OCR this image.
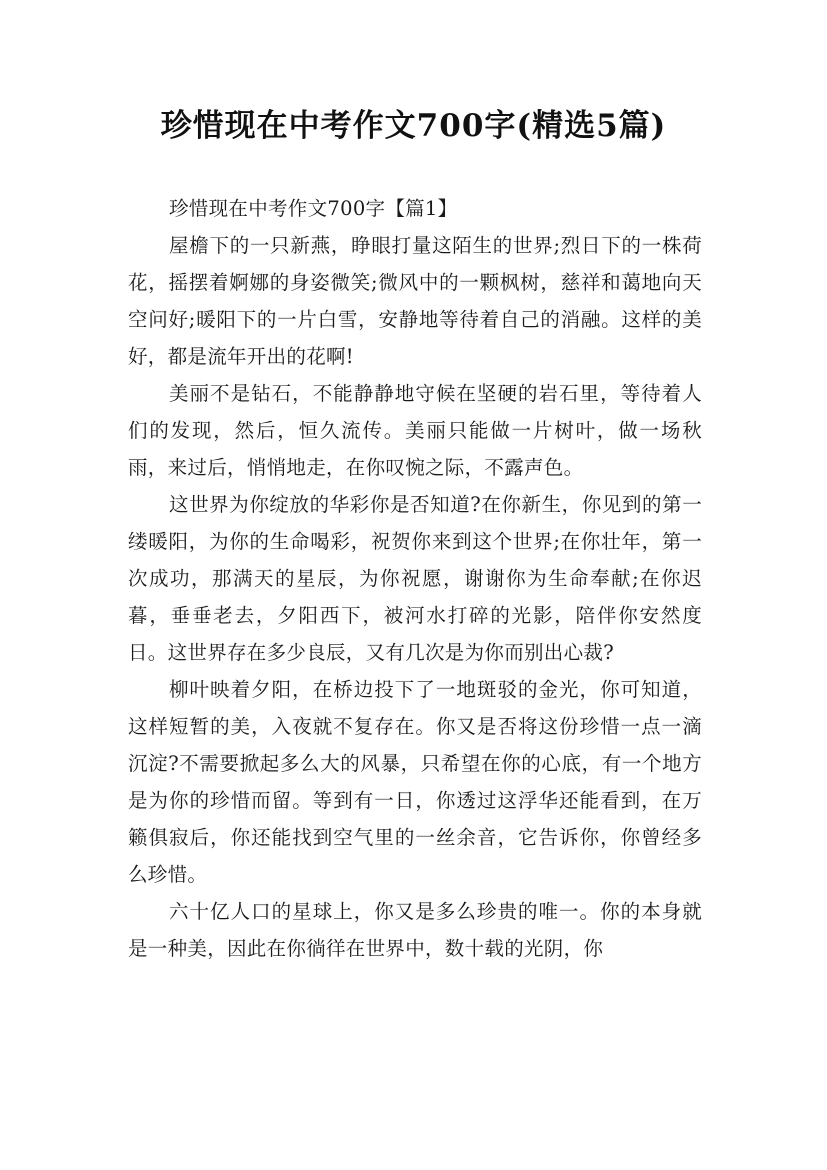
珍惜现在中考作文700字(精选5篇)

珍惜现在中考作文700字【篇1】

屋檐下的一只新燕，睁眼打量这陌生的世界;烈日下的一株荷花，摇摆着婀娜的身姿微笑;微风中的一颗枫树，慈祥和蔼地向天空问好;暖阳下的一片白雪，安静地等待着自己的消融。这样的美好，都是流年开出的花啊!

美丽不是钻石，不能静静地守候在坚硬的岩石里，等待着人们的发现，然后，恒久流传。美丽只能做一片树叶，做一场秋雨，来过后，悄悄地走，在你叹惋之际，不露声色。

这世界为你绽放的华彩你是否知道?在你新生，你见到的第一缕暖阳，为你的生命喝彩，祝贺你来到这个世界;在你壮年，第一次成功，那满天的星辰，为你祝愿，谢谢你为生命奉献;在你迟暮，垂垂老去，夕阳西下，被河水打碎的光影，陪伴你安然度日。这世界存在多少良辰，又有几次是为你而别出心裁?

柳叶映着夕阳，在桥边投下了一地斑驳的金光，你可知道，这样短暂的美，入夜就不复存在。你又是否将这份珍惜一点一滴沉淀?不需要掀起多么大的风暴，只希望在你的心底，有一个地方是为你的珍惜而留。等到有一日，你透过这浮华还能看到，在万籁俱寂后，你还能找到空气里的一丝余音，它告诉你，你曾经多么珍惜。

六十亿人口的星球上，你又是多么珍贵的唯一。你的本身就是一种美，因此在你徜徉在世界中，数十载的光阴，你
